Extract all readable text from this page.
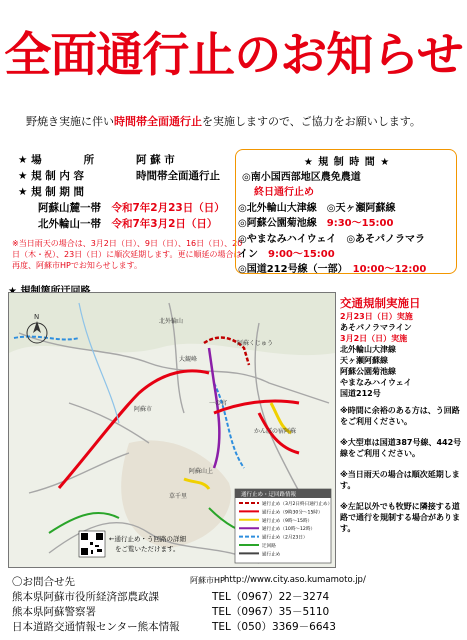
全面通行止のお知らせ
野焼き実施に伴い時間帯全面通行止を実施しますので、ご協力をお願いします。
★ 場　　　　所	阿 蘇 市
★ 規 制 内 容	時間帯全面通行止
★ 規 制 期 間
阿蘇山麓一帯　 令和7年2月23日（日）
北外輪山一帯　 令和7年3月2日（日）
※当日雨天の場合は、3月2日（日）、9日（日）、16日（日）、20日（木・祝）、23日（日）に順次延期します。更に順延の場合は再度、阿蘇市HPでお知らせします。
★ 規 制 時 間 ★
◎南小国西部地区農免農道
終日通行止め
◎北外輪山大津線　 ◎天ヶ瀬阿蘇線
◎阿蘇公園菊池線　 9:30～15:00
◎やまなみハイウェイ　 ◎あそパノラマラ
イン　 9:00～15:00
◎国道212号線（一部）　 10:00～12:00
N
阿蘇市
大観峰
阿蘇くじゅう
一の宮
かんぽの宿阿蘇
草千里
阿蘇山上
北外輪山
←通行止め・う回路の詳細
をご覧いただけます。
通行止め・迂回路情報
通行止め（3月2日終日通行止め）
通行止め（9時30分～15時）
通行止め（9時～15時）
通行止め（10時～12時）
通行止め（2月23日）
迂回路
通行止め
交通規制実施日
2月23日（日）実施
あそパノラマライン
3月2日（日）実施
北外輪山大津線
天ヶ瀬阿蘇線
阿蘇公園菊池線
やまなみハイウェイ
国道212号
※時間に余裕のある方は、う回路をご利用ください。
※大型車は国道387号線、442号線をご利用ください。
※当日雨天の場合は順次延期します。
※左記以外でも牧野に隣接する道路で通行を規制する場合があります。
〇お問合せ先	阿蘇市HP http://www.city.aso.kumamoto.jp/
熊本県阿蘇市役所経済部農政課	TEL（0967）22－3274
熊本県阿蘇警察署	TEL（0967）35－5110
日本道路交通情報センター熊本情報	TEL（050）3369－6643
